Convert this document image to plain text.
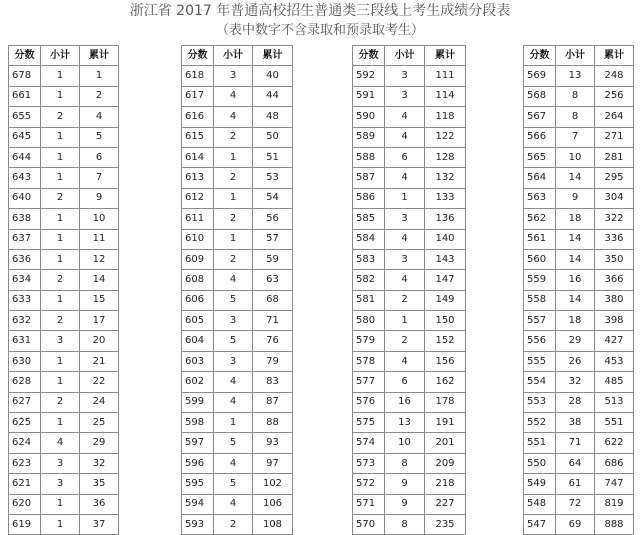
浙江省 2017 年普通高校招生普通类三段线上考生成绩分段表
（表中数字不含录取和预录取考生）
分数	小计	累计
678	1	1
661	1	2
655	2	4
645	1	5
644	1	6
643	1	7
640	2	9
638	1	10
637	1	11
636	1	12
634	2	14
633	1	15
632	2	17
631	3	20
630	1	21
628	1	22
627	2	24
625	1	25
624	4	29
623	3	32
621	3	35
620	1	36
619	1	37
分数	小计	累计
618	3	40
617	4	44
616	4	48
615	2	50
614	1	51
613	2	53
612	1	54
611	2	56
610	1	57
609	2	59
608	4	63
606	5	68
605	3	71
604	5	76
603	3	79
602	4	83
599	4	87
598	1	88
597	5	93
596	4	97
595	5	102
594	4	106
593	2	108
分数	小计	累计
592	3	111
591	3	114
590	4	118
589	4	122
588	6	128
587	4	132
586	1	133
585	3	136
584	4	140
583	3	143
582	4	147
581	2	149
580	1	150
579	2	152
578	4	156
577	6	162
576	16	178
575	13	191
574	10	201
573	8	209
572	9	218
571	9	227
570	8	235
分数	小计	累计
569	13	248
568	8	256
567	8	264
566	7	271
565	10	281
564	14	295
563	9	304
562	18	322
561	14	336
560	14	350
559	16	366
558	14	380
557	18	398
556	29	427
555	26	453
554	32	485
553	28	513
552	38	551
551	71	622
550	64	686
549	61	747
548	72	819
547	69	888
